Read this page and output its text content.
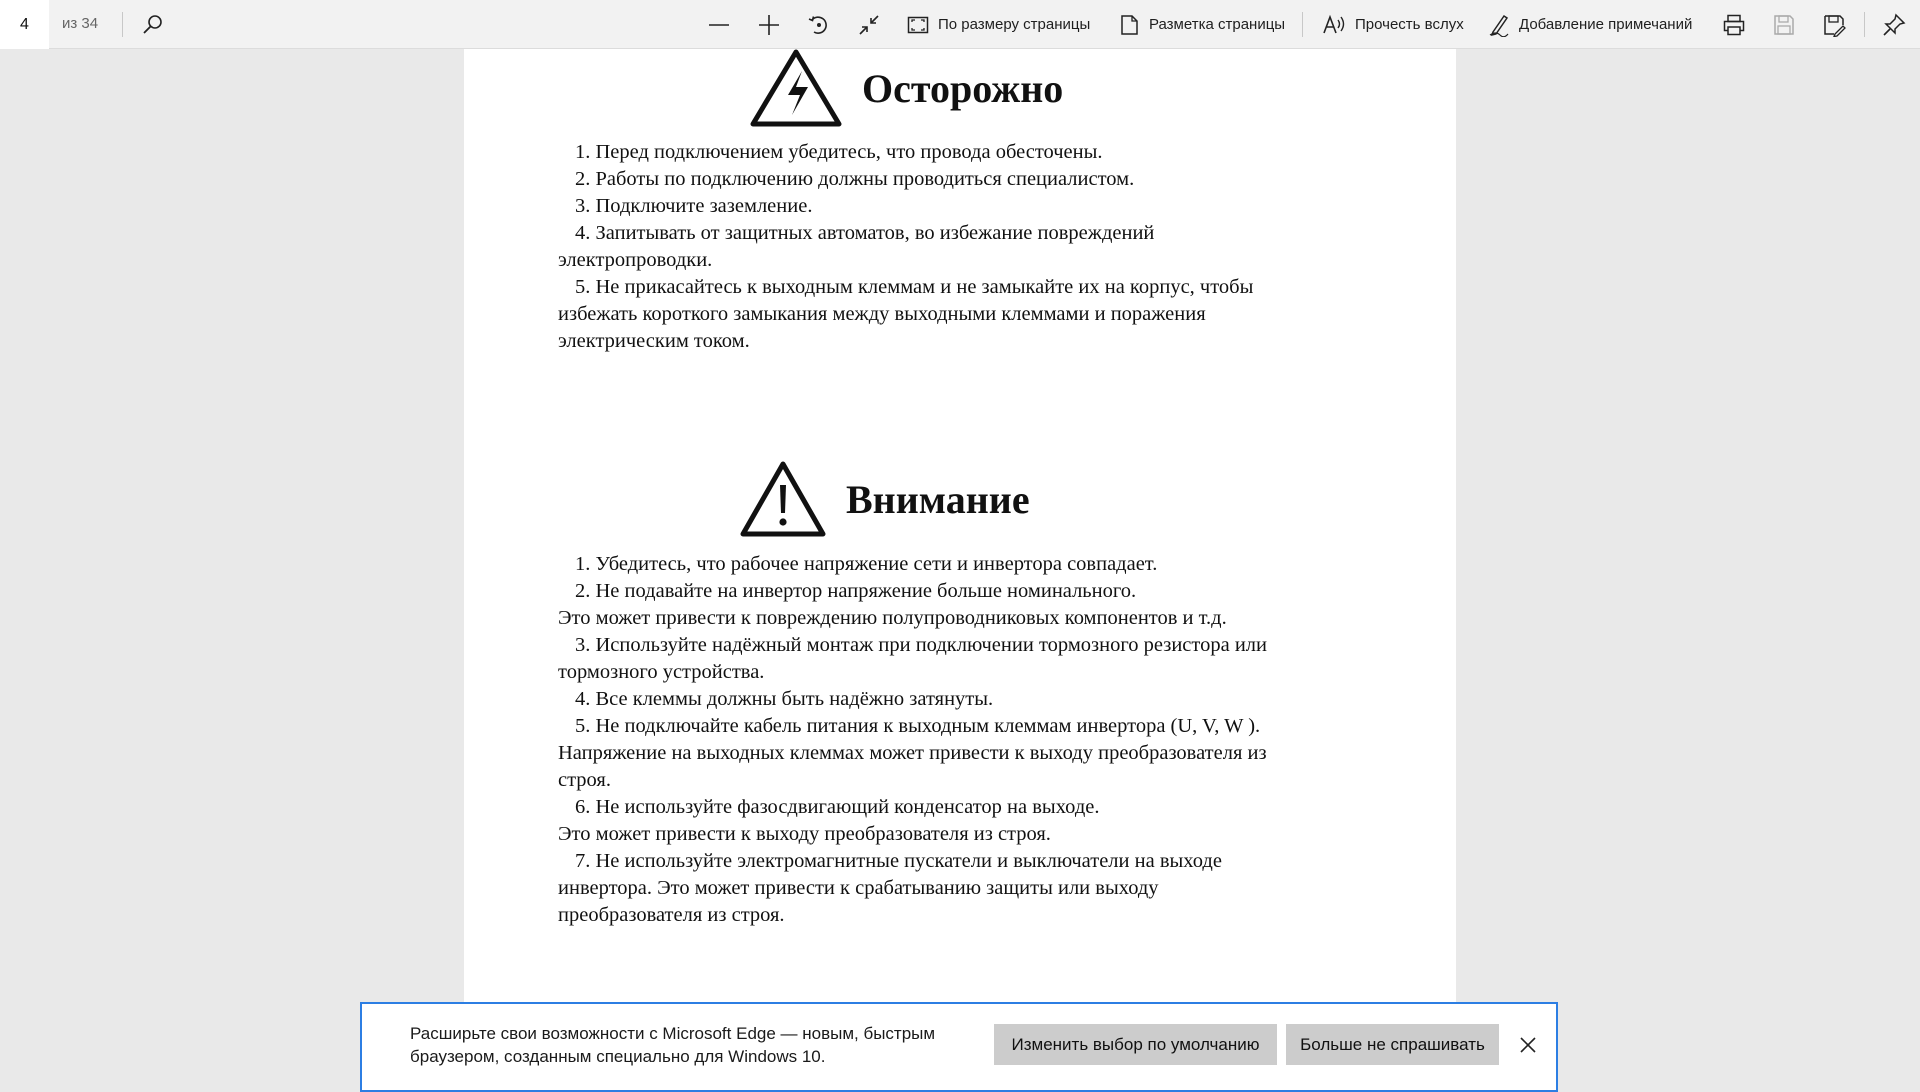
4
из 34	По размеру страницы	Разметка страницы	Прочесть вслух	Добавление примечаний
Осторожно

1. Перед подключением убедитесь, что провода обесточены.

2. Работы по подключению должны проводиться специалистом.

3. Подключите заземление.

4. Запитывать от защитных автоматов, во избежание повреждений

электропроводки.

5. Не прикасайтесь к выходным клеммам и не замыкайте их на корпус, чтобы

избежать короткого замыкания между выходными клеммами и поражения

электрическим током.

Внимание

1. Убедитесь, что рабочее напряжение сети и инвертора совпадает.

2. Не подавайте на инвертор напряжение больше номинального.

Это может привести к повреждению полупроводниковых компонентов и т.д.

3. Используйте надёжный монтаж при подключении тормозного резистора или

тормозного устройства.

4. Все клеммы должны быть надёжно затянуты.

5. Не подключайте кабель питания к выходным клеммам инвертора (U, V, W ).

Напряжение на выходных клеммах может привести к выходу преобразователя из

строя.

6. Не используйте фазосдвигающий конденсатор на выходе.

Это может привести к выходу преобразователя из строя.

7. Не используйте электромагнитные пускатели и выключатели на выходе

инвертора. Это может привести к срабатыванию защиты или выходу

преобразователя из строя.

Расширьте свои возможности с Microsoft Edge — новым, быстрым
браузером, созданным специально для Windows 10.
Изменить выбор по умолчанию	Больше не спрашивать
